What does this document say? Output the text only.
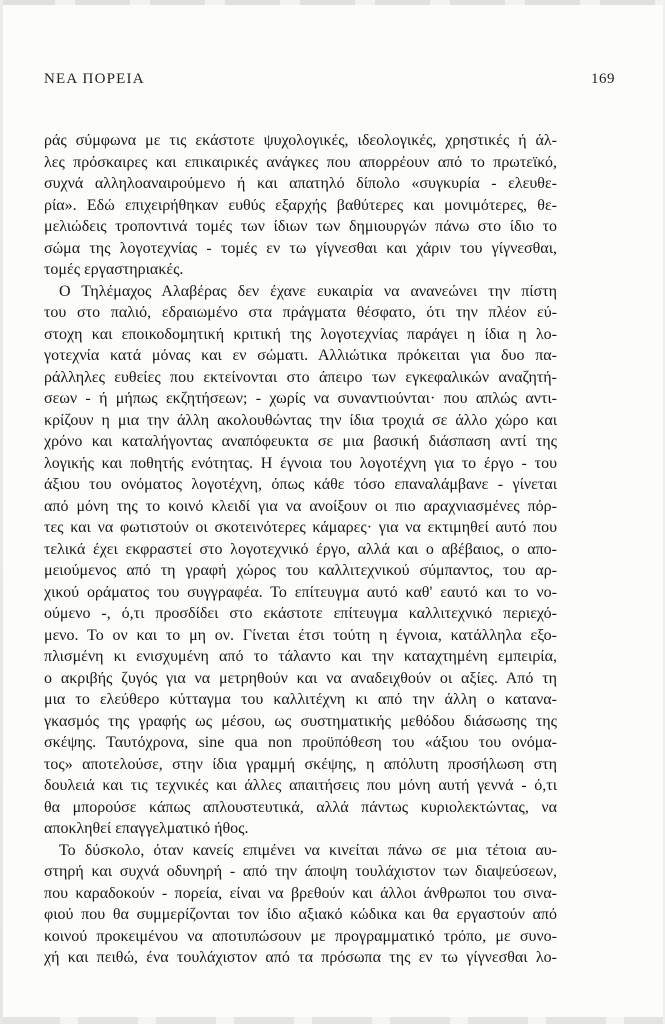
ΝΕΑ ΠΟΡΕΙΑ	169
ράς σύμφωνα με τις εκάστοτε ψυχολογικές, ιδεολογικές, χρηστικές ή άλ-
λες πρόσκαιρες και επικαιρικές ανάγκες που απορρέουν από το πρωτεϊκό,
συχνά αλληλοαναιρούμενο ή και απατηλό δίπολο «συγκυρία - ελευθε-
ρία». Εδώ επιχειρήθηκαν ευθύς εξαρχής βαθύτερες και μονιμότερες, θε-
μελιώδεις τροποντινά τομές των ίδιων των δημιουργών πάνω στο ίδιο το
σώμα της λογοτεχνίας - τομές εν τω γίγνεσθαι και χάριν του γίγνεσθαι,
τομές εργαστηριακές.
Ο Τηλέμαχος Αλαβέρας δεν έχανε ευκαιρία να ανανεώνει την πίστη
του στο παλιό, εδραιωμένο στα πράγματα θέσφατο, ότι την πλέον εύ-
στοχη και εποικοδομητική κριτική της λογοτεχνίας παράγει η ίδια η λο-
γοτεχνία κατά μόνας και εν σώματι. Αλλιώτικα πρόκειται για δυο πα-
ράλληλες ευθείες που εκτείνονται στο άπειρο των εγκεφαλικών αναζητή-
σεων - ή μήπως εκζητήσεων; - χωρίς να συναντιούνται· που απλώς αντι-
κρίζουν η μια την άλλη ακολουθώντας την ίδια τροχιά σε άλλο χώρο και
χρόνο και καταλήγοντας αναπόφευκτα σε μια βασική διάσπαση αντί της
λογικής και ποθητής ενότητας. Η έγνοια του λογοτέχνη για το έργο - του
άξιου του ονόματος λογοτέχνη, όπως κάθε τόσο επαναλάμβανε - γίνεται
από μόνη της το κοινό κλειδί για να ανοίξουν οι πιο αραχνιασμένες πόρ-
τες και να φωτιστούν οι σκοτεινότερες κάμαρες· για να εκτιμηθεί αυτό που
τελικά έχει εκφραστεί στο λογοτεχνικό έργο, αλλά και ο αβέβαιος, ο απο-
μειούμενος από τη γραφή χώρος του καλλιτεχνικού σύμπαντος, του αρ-
χικού οράματος του συγγραφέα. Το επίτευγμα αυτό καθ' εαυτό και το νο-
ούμενο -, ό,τι προσδίδει στο εκάστοτε επίτευγμα καλλιτεχνικό περιεχό-
μενο. Το ον και το μη ον. Γίνεται έτσι τούτη η έγνοια, κατάλληλα εξο-
πλισμένη κι ενισχυμένη από το τάλαντο και την καταχτημένη εμπειρία,
ο ακριβής ζυγός για να μετρηθούν και να αναδειχθούν οι αξίες. Από τη
μια το ελεύθερο κύτταγμα του καλλιτέχνη κι από την άλλη ο κατανα-
γκασμός της γραφής ως μέσου, ως συστηματικής μεθόδου διάσωσης της
σκέψης. Ταυτόχρονα, sine qua non προϋπόθεση του «άξιου του ονόμα-
τος» αποτελούσε, στην ίδια γραμμή σκέψης, η απόλυτη προσήλωση στη
δουλειά και τις τεχνικές και άλλες απαιτήσεις που μόνη αυτή γεννά - ό,τι
θα μπορούσε κάπως απλουστευτικά, αλλά πάντως κυριολεκτώντας, να
αποκληθεί επαγγελματικό ήθος.
Το δύσκολο, όταν κανείς επιμένει να κινείται πάνω σε μια τέτοια αυ-
στηρή και συχνά οδυνηρή - από την άποψη τουλάχιστον των διαψεύσεων,
που καραδοκούν - πορεία, είναι να βρεθούν και άλλοι άνθρωποι του σινα-
φιού που θα συμμερίζονται τον ίδιο αξιακό κώδικα και θα εργαστούν από
κοινού προκειμένου να αποτυπώσουν με προγραμματικό τρόπο, με συνο-
χή και πειθώ, ένα τουλάχιστον από τα πρόσωπα της εν τω γίγνεσθαι λο-
